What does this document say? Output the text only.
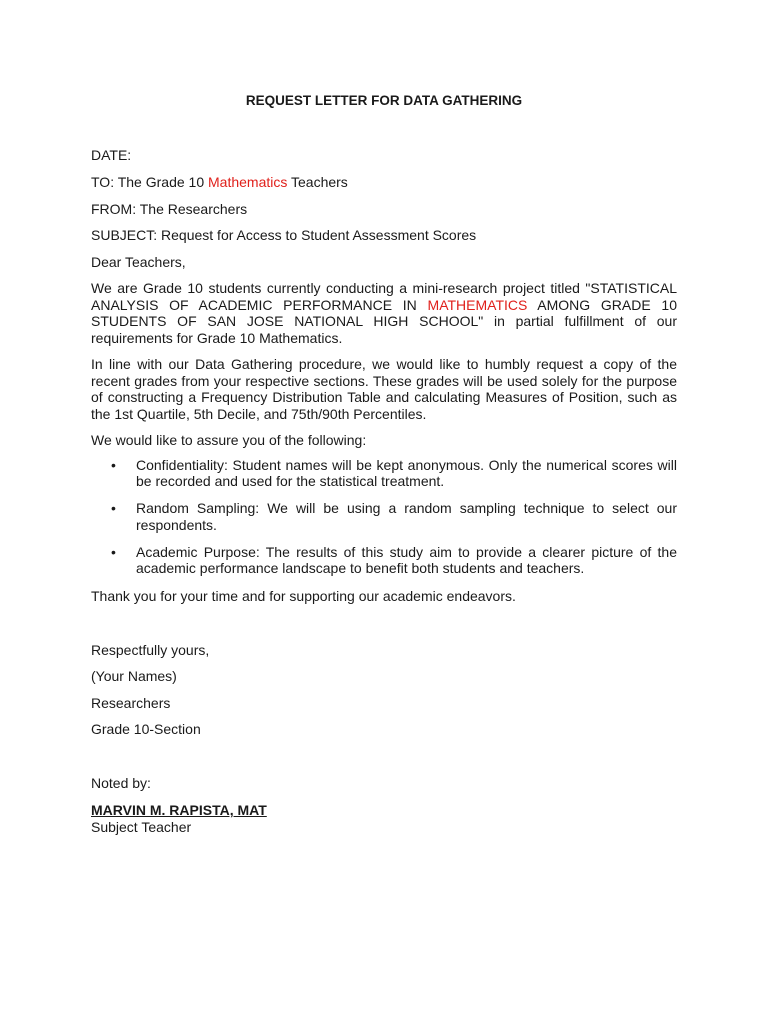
REQUEST LETTER FOR DATA GATHERING

DATE:

TO: The Grade 10 Mathematics Teachers

FROM: The Researchers

SUBJECT: Request for Access to Student Assessment Scores

Dear Teachers,

We are Grade 10 students currently conducting a mini-research project titled "STATISTICAL ANALYSIS OF ACADEMIC PERFORMANCE IN MATHEMATICS AMONG GRADE 10 STUDENTS OF SAN JOSE NATIONAL HIGH SCHOOL" in partial fulfillment of our requirements for Grade 10 Mathematics.

In line with our Data Gathering procedure, we would like to humbly request a copy of the recent grades from your respective sections. These grades will be used solely for the purpose of constructing a Frequency Distribution Table and calculating Measures of Position, such as the 1st Quartile, 5th Decile, and 75th/90th Percentiles.

We would like to assure you of the following:

• Confidentiality: Student names will be kept anonymous. Only the numerical scores will be recorded and used for the statistical treatment.
• Random Sampling: We will be using a random sampling technique to select our respondents.
• Academic Purpose: The results of this study aim to provide a clearer picture of the academic performance landscape to benefit both students and teachers.

Thank you for your time and for supporting our academic endeavors.

Respectfully yours,

(Your Names)

Researchers

Grade 10-Section

Noted by:

MARVIN M. RAPISTA, MAT

Subject Teacher
